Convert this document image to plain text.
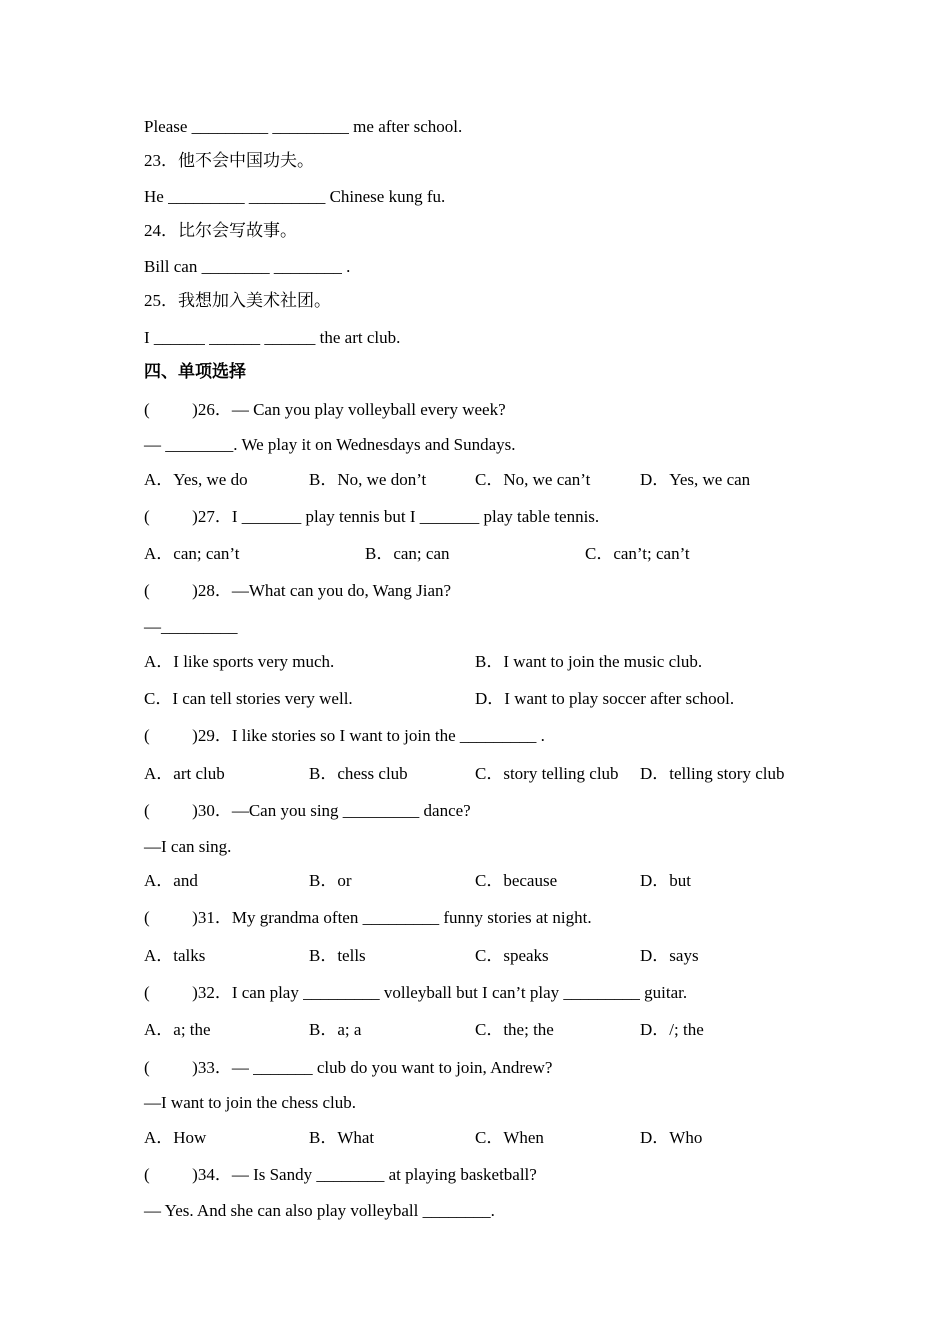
Please _________ _________ me after school.
23．他不会中国功夫。
He _________ _________ Chinese kung fu.
24．比尔会写故事。
Bill can ________ ________ .
25．我想加入美术社团。
I ______ ______ ______ the art club.
四、单项选择
(          )26．— Can you play volleyball every week?
— ________. We play it on Wednesdays and Sundays.
A．Yes, we do	B．No, we don’t	C．No, we can’t	D．Yes, we can
(          )27．I _______ play tennis but I _______ play table tennis.
A．can; can’t	B．can; can	C．can’t; can’t
(          )28．—What can you do, Wang Jian?
—_________
A．I like sports very much.	B．I want to join the music club.
C．I can tell stories very well.	D．I want to play soccer after school.
(          )29．I like stories so I want to join the _________ .
A．art club	B．chess club	C．story telling club D．telling story club
(          )30．—Can you sing _________ dance?
—I can sing.
A．and	B．or	C．because	D．but
(          )31．My grandma often _________ funny stories at night.
A．talks	B．tells	C．speaks	D．says
(          )32．I can play _________ volleyball but I can’t play _________ guitar.
A．a; the	B．a; a	C．the; the	D．/; the
(          )33．— _______ club do you want to join, Andrew?
—I want to join the chess club.
A．How	B．What	C．When	D．Who
(          )34．— Is Sandy ________ at playing basketball?
— Yes. And she can also play volleyball ________.
